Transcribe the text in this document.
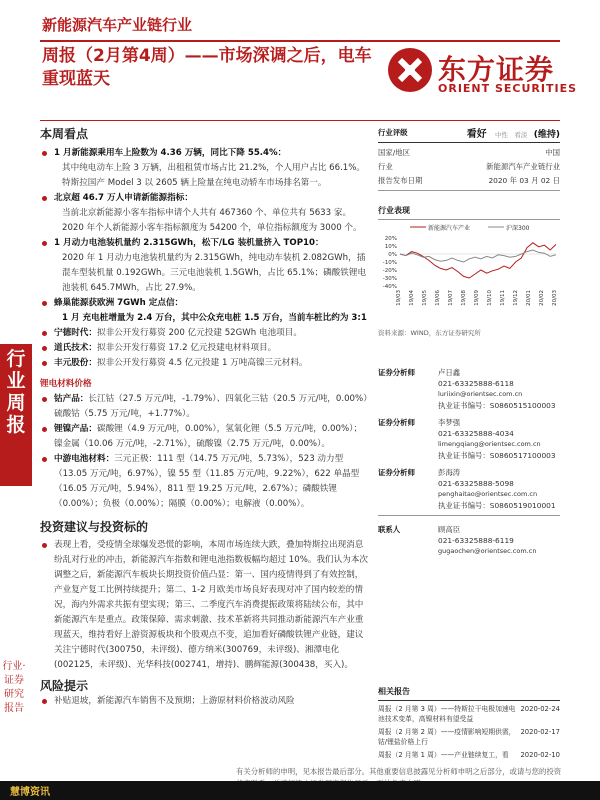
新能源汽车产业链行业
周报（2月第4周）——市场深调之后，电车重现蓝天	东方证券
ORIENT SECURITIES
行业周报
行业·证券研究报告
本周看点
1 月新能源乘用车上险数为 4.36 万辆，同比下降 55.4%：
其中纯电动车上险 3 万辆，出租租赁市场占比 21.2%，个人用户占比 66.1%。特斯拉国产 Model 3 以 2605 辆上险量在纯电动轿车市场排名第一。
北京超 46.7 万人申请新能源指标：
当前北京新能源小客车指标申请个人共有 467360 个、单位共有 5633 家。2020 年个人新能源小客车指标额度为 54200 个，单位指标额度为 3000 个。
1 月动力电池装机量约 2.315GWh，松下/LG 装机量挤入 TOP10：
2020 年 1 月动力电池装机量约为 2.315GWh，纯电动车装机 2.082GWh，插混车型装机量 0.192GWh。三元电池装机 1.5GWh，占比 65.1%；磷酸铁锂电池装机 645.7MWh，占比 27.9%。
蜂巢能源获欧洲 7GWh 定点信：
1 月 充电桩增量为 2.4 万台，其中公众充电桩 1.5 万台，当前车桩比约为 3:1
宁德时代：拟非公开发行募资 200 亿元投建 52GWh 电池项目。
道氏技术：拟非公开发行募资 17.2 亿元投建电材料项目。
丰元股份：拟非公开发行募资 4.5 亿元投建 1 万吨高镍三元材料。
锂电材料价格
钴产品：长江钴（27.5 万元/吨，-1.79%）、四氧化三钴（20.5 万元/吨，0.00%）硫酸钴（5.75 万元/吨，+1.77%）。
锂镍产品：碳酸锂（4.9 万元/吨，0.00%），氢氧化锂（5.5 万元/吨，0.00%）；镍金属（10.06 万元/吨，-2.71%），硫酸镍（2.75 万元/吨，0.00%）。
中游电池材料：三元正极：111 型（14.75 万元/吨，5.73%），523 动力型（13.05 万元/吨，6.97%），镍 55 型（11.85 万元/吨，9.22%），622 单晶型（16.05 万元/吨，5.94%），811 型 19.25 万元/吨，2.67%）；磷酸铁锂（0.00%）；负极（0.00%）；隔膜（0.00%）；电解液（0.00%）。
投资建议与投资标的
表现上看，受疫情全球爆发恐慌的影响，本周市场连续大跌，叠加特斯拉出现消息纷乱对行业的冲击，新能源汽车指数和锂电池指数板幅均超过 10%。我们认为本次调整之后，新能源汽车板块长期投资价值凸显：第一、国内疫情得到了有效控制，产业复产复工比例持续提升；第二、1-2 月欧美市场良好表现对冲了国内较差的情况，海内外需求共振有望实现；第三、二季度汽车消费提振政策将陆续公布，其中新能源汽车是重点。政策保障、需求刺激、技术革新将共同推动新能源汽车产业重现蓝天，维持看好上游资源板块和个股观点不变，追加看好磷酸铁锂产业链，建议关注宁德时代(300750，未评级)、德方纳米(300769，未评级)、湘潭电化(002125，未评级)、光华科技(002741，增持)、鹏辉能源(300438，买入)。
风险提示
补贴退坡，新能源汽车销售不及预期；上游原材料价格波动风险
行业评级	看好 中性 看淡 (维持)
国家/地区	中国
行业	新能源汽车产业链行业
报告发布日期	2020 年 03 月 02 日
行业表现
新能源汽车产业	沪深300
20%
10%
0%
-10%
-20%
-30%
-40%
19/03 19/04 19/05 19/06 19/07 19/08 19/09 19/10 19/11 19/12 20/01 20/02 20/03
资料来源：WIND，东方证券研究所
证券分析师	卢日鑫
021-63325888-6118
luriixin@orientsec.com.cn
执业证书编号：S0860515100003
证券分析师	李梦强
021-63325888-4034
limengqiang@orientsec.com.cn
执业证书编号：S0860517100003
证券分析师	彭海涛
021-63325888-5098
penghaitao@orientsec.com.cn
执业证书编号：S0860519010001
联系人	顾高臣
021-63325888-6119
gugaochen@orientsec.com.cn
相关报告
周报（2 月第 3 周）——特斯拉干电极加速电池技术变革，高镍材料有望受益
2020-02-24
周报（2 月第 2 周）——疫情影响短期供需，钴/锂盐价格上行
2020-02-17
周报（2 月第 1 周）——产业链续复工，看	2020-02-10
有关分析师的申明，见本报告最后部分。其他重要信息披露见分析师申明之后部分，或请与您的投资
慧博资讯
